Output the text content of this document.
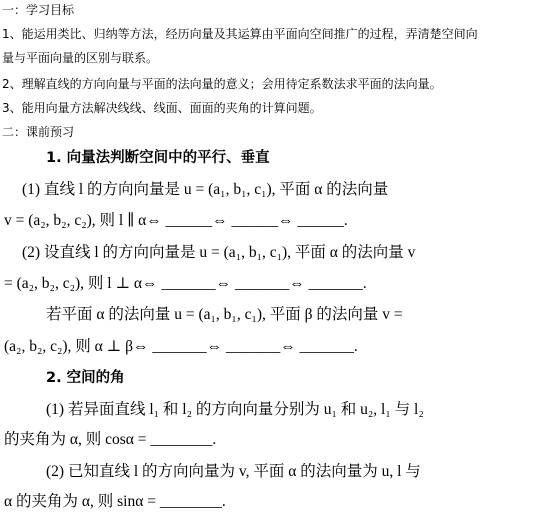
一：学习目标
1、能运用类比、归纳等方法，经历向量及其运算由平面向空间推广的过程，弄清楚空间向
量与平面向量的区别与联系。
2、理解直线的方向向量与平面的法向量的意义；会用待定系数法求平面的法向量。
3、能用向量方法解决线线、线面、面面的夹角的计算问题。
二：课前预习
1. 向量法判断空间中的平行、垂直
(1) 直线 l 的方向向量是 u = (a₁, b₁, c₁), 平面 α 的法向量
v = (a₂, b₂, c₂), 则 l ∥ α⇔ ______⇔ ______⇔ ______.
(2) 设直线 l 的方向向量是 u = (a₁, b₁, c₁), 平面 α 的法向量 v
= (a₂, b₂, c₂), 则 l ⊥ α⇔ _______⇔ _______⇔ _______.
若平面 α 的法向量 u = (a₁, b₁, c₁), 平面 β 的法向量 v =
(a₂, b₂, c₂), 则 α ⊥ β⇔ _______⇔ _______⇔ _______.
2. 空间的角
(1) 若异面直线 l₁ 和 l₂ 的方向向量分别为 u₁ 和 u₂, l₁ 与 l₂
的夹角为 α, 则 cosα = ________.
(2) 已知直线 l 的方向向量为 v, 平面 α 的法向量为 u, l 与
α 的夹角为 α, 则 sinα = ________.
